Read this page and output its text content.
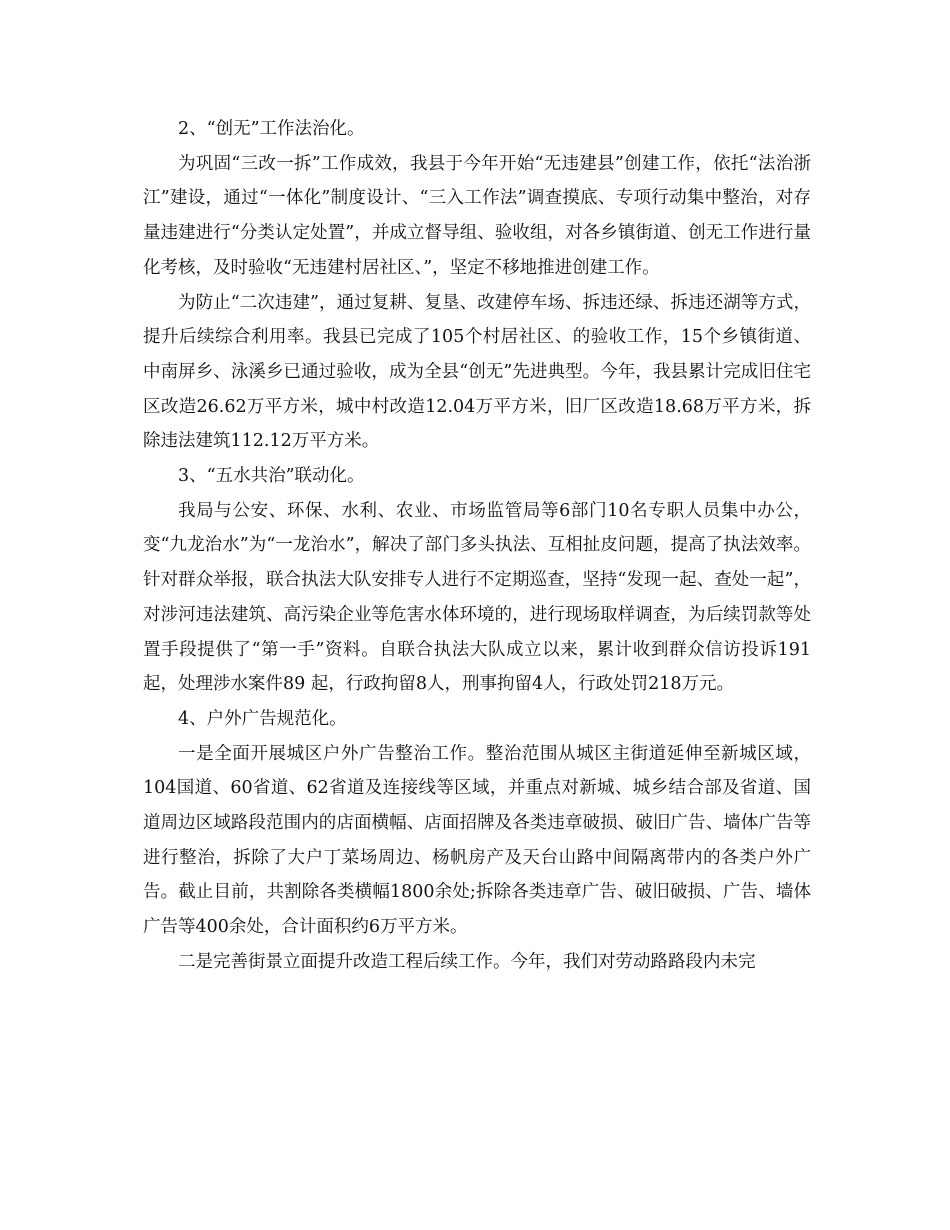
2、“创无”工作法治化。

为巩固“三改一拆”工作成效，我县于今年开始“无违建县”创建工作，依托“法治浙江”建设，通过“一体化”制度设计、“三入工作法”调查摸底、专项行动集中整治，对存量违建进行“分类认定处置”，并成立督导组、验收组，对各乡镇街道、创无工作进行量化考核，及时验收“无违建村居社区、”，坚定不移地推进创建工作。

为防止“二次违建”，通过复耕、复垦、改建停车场、拆违还绿、拆违还湖等方式，提升后续综合利用率。我县已完成了105个村居社区、的验收工作，15个乡镇街道、中南屏乡、泳溪乡已通过验收，成为全县“创无”先进典型。今年，我县累计完成旧住宅区改造26.62万平方米，城中村改造12.04万平方米，旧厂区改造18.68万平方米，拆除违法建筑112.12万平方米。

3、“五水共治”联动化。

我局与公安、环保、水利、农业、市场监管局等6部门10名专职人员集中办公，变“九龙治水”为“一龙治水”，解决了部门多头执法、互相扯皮问题，提高了执法效率。针对群众举报，联合执法大队安排专人进行不定期巡查，坚持“发现一起、查处一起”，对涉河违法建筑、高污染企业等危害水体环境的，进行现场取样调查，为后续罚款等处置手段提供了“第一手”资料。自联合执法大队成立以来，累计收到群众信访投诉191起，处理涉水案件89 起，行政拘留8人，刑事拘留4人，行政处罚218万元。

4、户外广告规范化。

一是全面开展城区户外广告整治工作。整治范围从城区主街道延伸至新城区域，104国道、60省道、62省道及连接线等区域，并重点对新城、城乡结合部及省道、国道周边区域路段范围内的店面横幅、店面招牌及各类违章破损、破旧广告、墙体广告等进行整治，拆除了大户丁菜场周边、杨帆房产及天台山路中间隔离带内的各类户外广告。截止目前，共割除各类横幅1800余处;拆除各类违章广告、破旧破损、广告、墙体广告等400余处，合计面积约6万平方米。

二是完善街景立面提升改造工程后续工作。今年，我们对劳动路路段内未完
